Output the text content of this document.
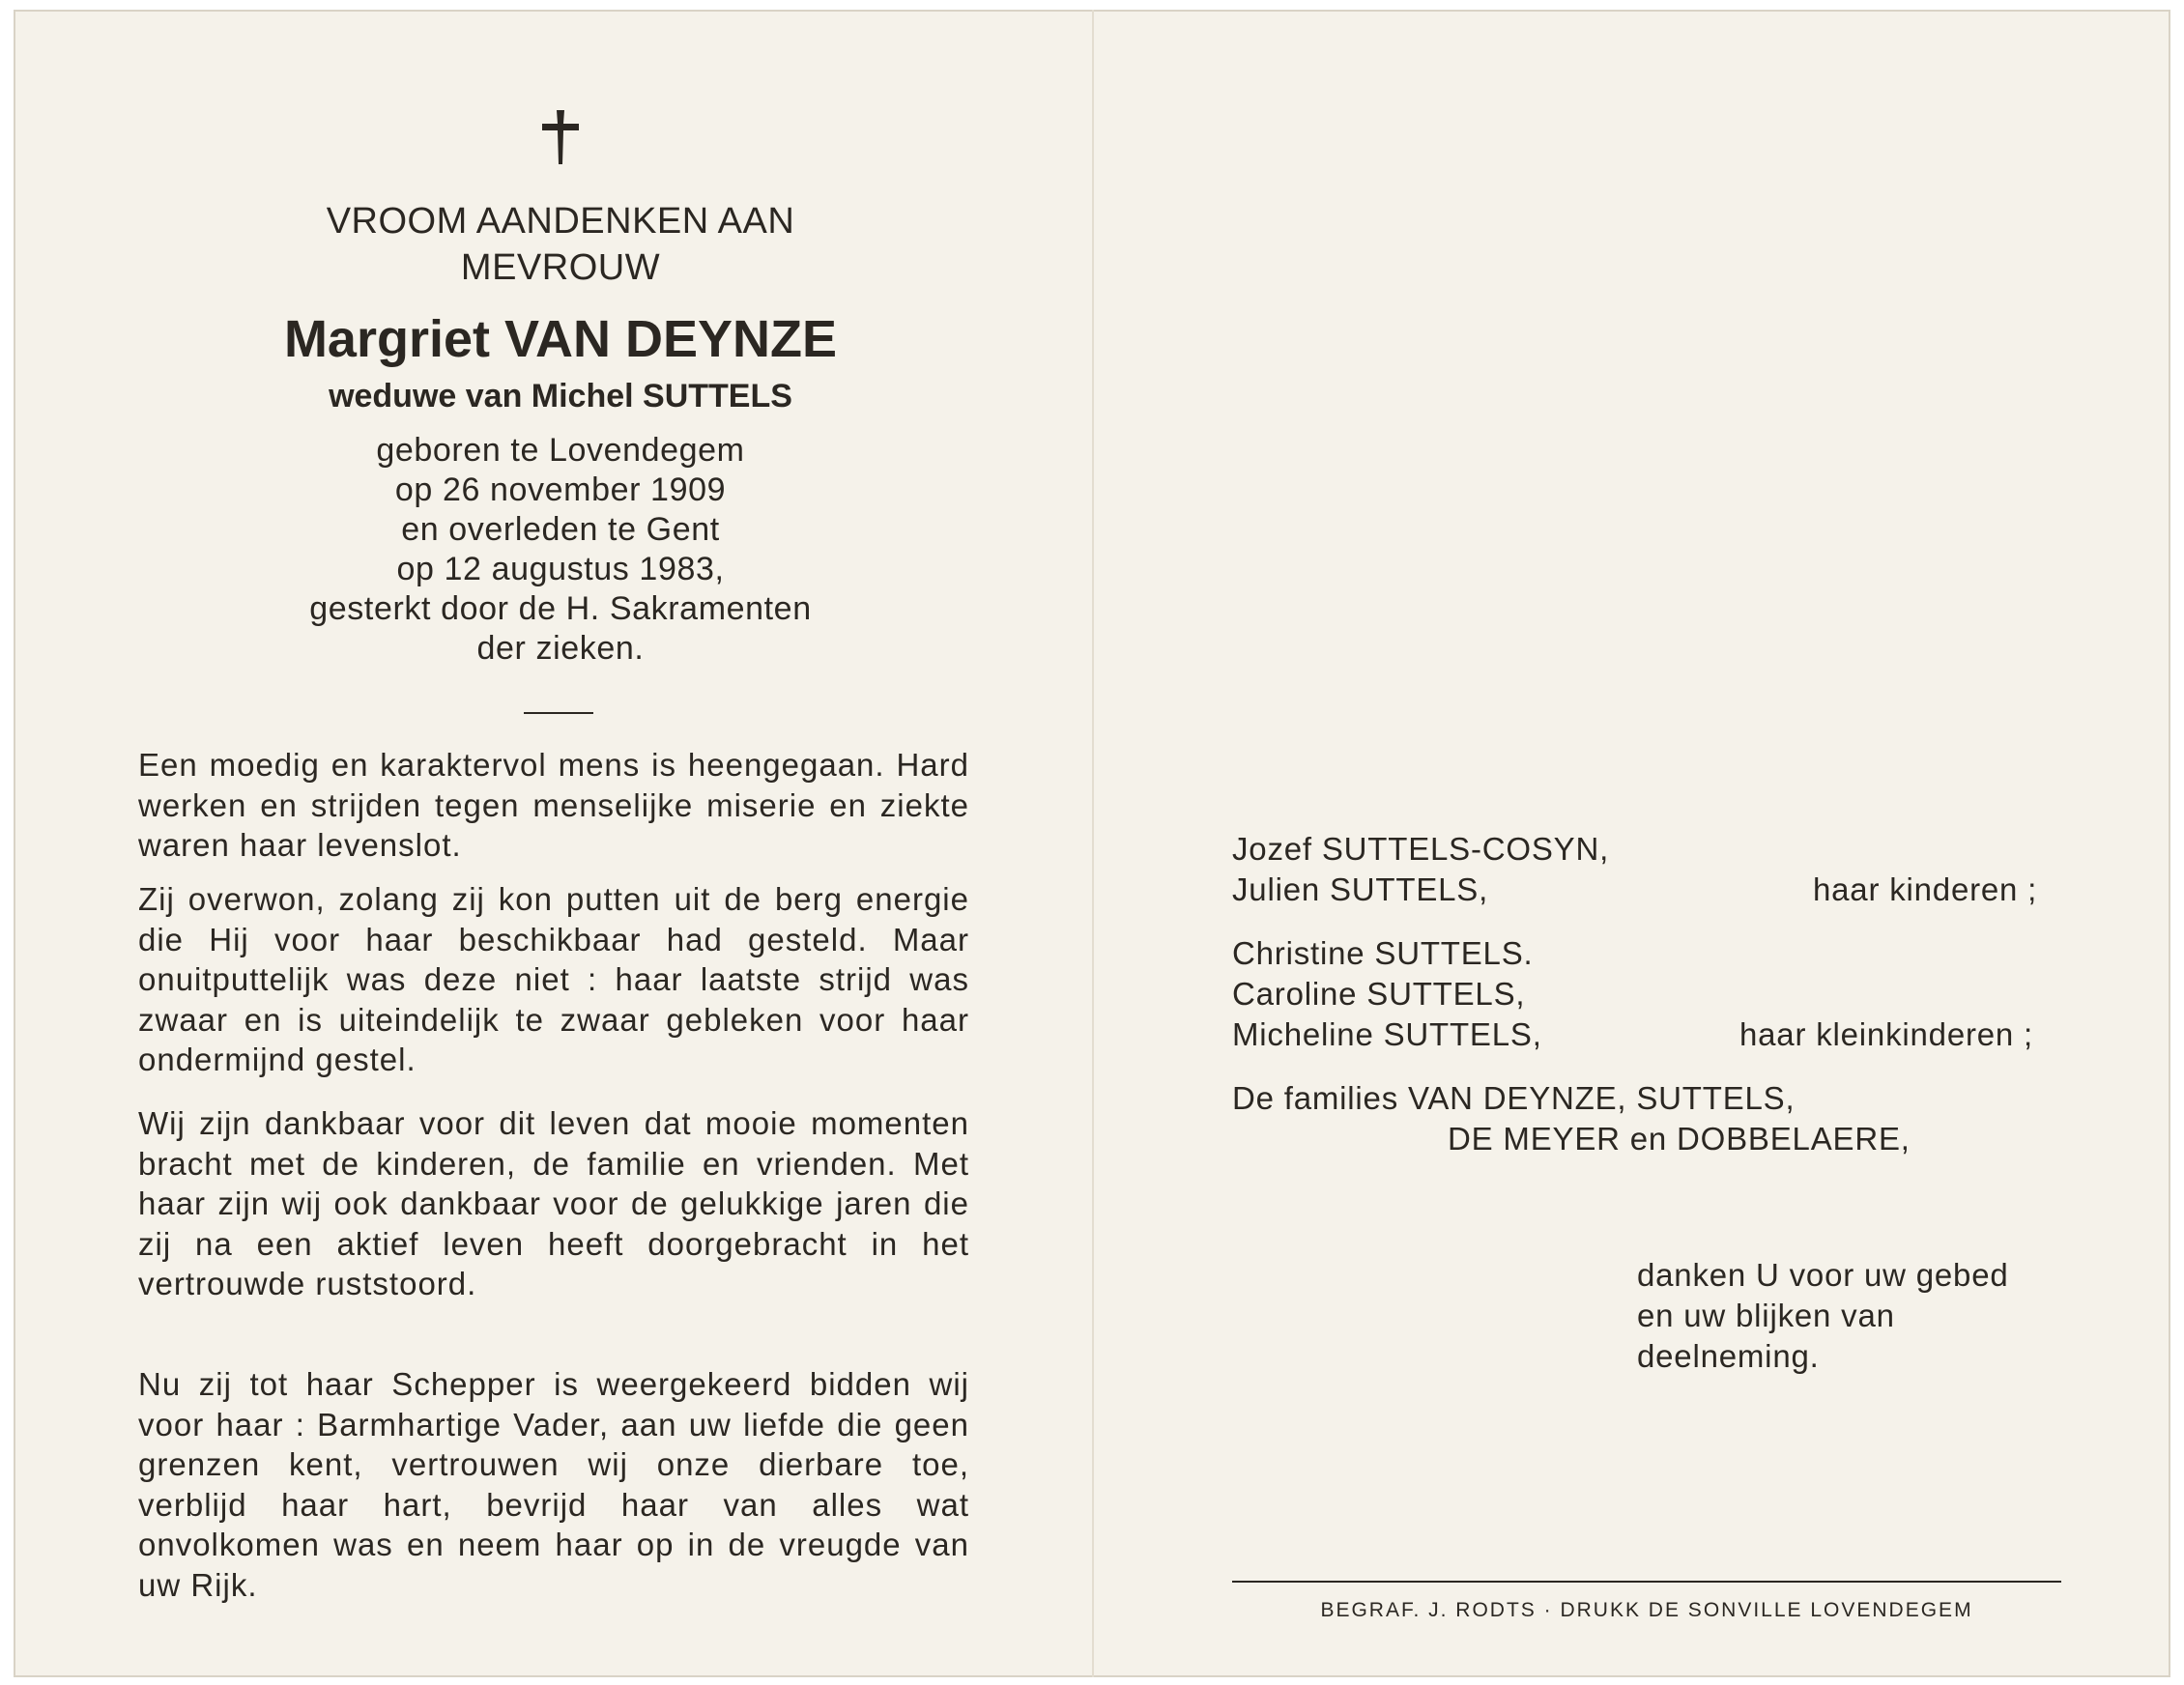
VROOM AANDENKEN AAN
MEVROUW
Margriet VAN DEYNZE
weduwe van Michel SUTTELS
geboren te Lovendegem
op 26 november 1909
en overleden te Gent
op 12 augustus 1983,
gesterkt door de H. Sakramenten
der zieken.
Een moedig en karaktervol mens is heengegaan. Hard werken en strijden tegen menselijke miserie en ziekte waren haar levenslot.
Zij overwon, zolang zij kon putten uit de berg energie die Hij voor haar beschikbaar had gesteld. Maar onuitputtelijk was deze niet : haar laatste strijd was zwaar en is uiteindelijk te zwaar gebleken voor haar ondermijnd gestel.
Wij zijn dankbaar voor dit leven dat mooie momenten bracht met de kinderen, de familie en vrienden. Met haar zijn wij ook dankbaar voor de gelukkige jaren die zij na een aktief leven heeft doorgebracht in het vertrouwde ruststoord.
Nu zij tot haar Schepper is weergekeerd bidden wij voor haar : Barmhartige Vader, aan uw liefde die geen grenzen kent, vertrouwen wij onze dierbare toe, verblijd haar hart, bevrijd haar van alles wat onvolkomen was en neem haar op in de vreugde van uw Rijk.
Jozef SUTTELS-COSYN,
Julien SUTTELS,	haar kinderen ;
Christine SUTTELS.
Caroline SUTTELS,
Micheline SUTTELS,	haar kleinkinderen ;
De families VAN DEYNZE, SUTTELS,
DE MEYER en DOBBELAERE,
danken U voor uw gebed
en uw blijken van
deelneming.
BEGRAF. J. RODTS · DRUKK DE SONVILLE LOVENDEGEM
